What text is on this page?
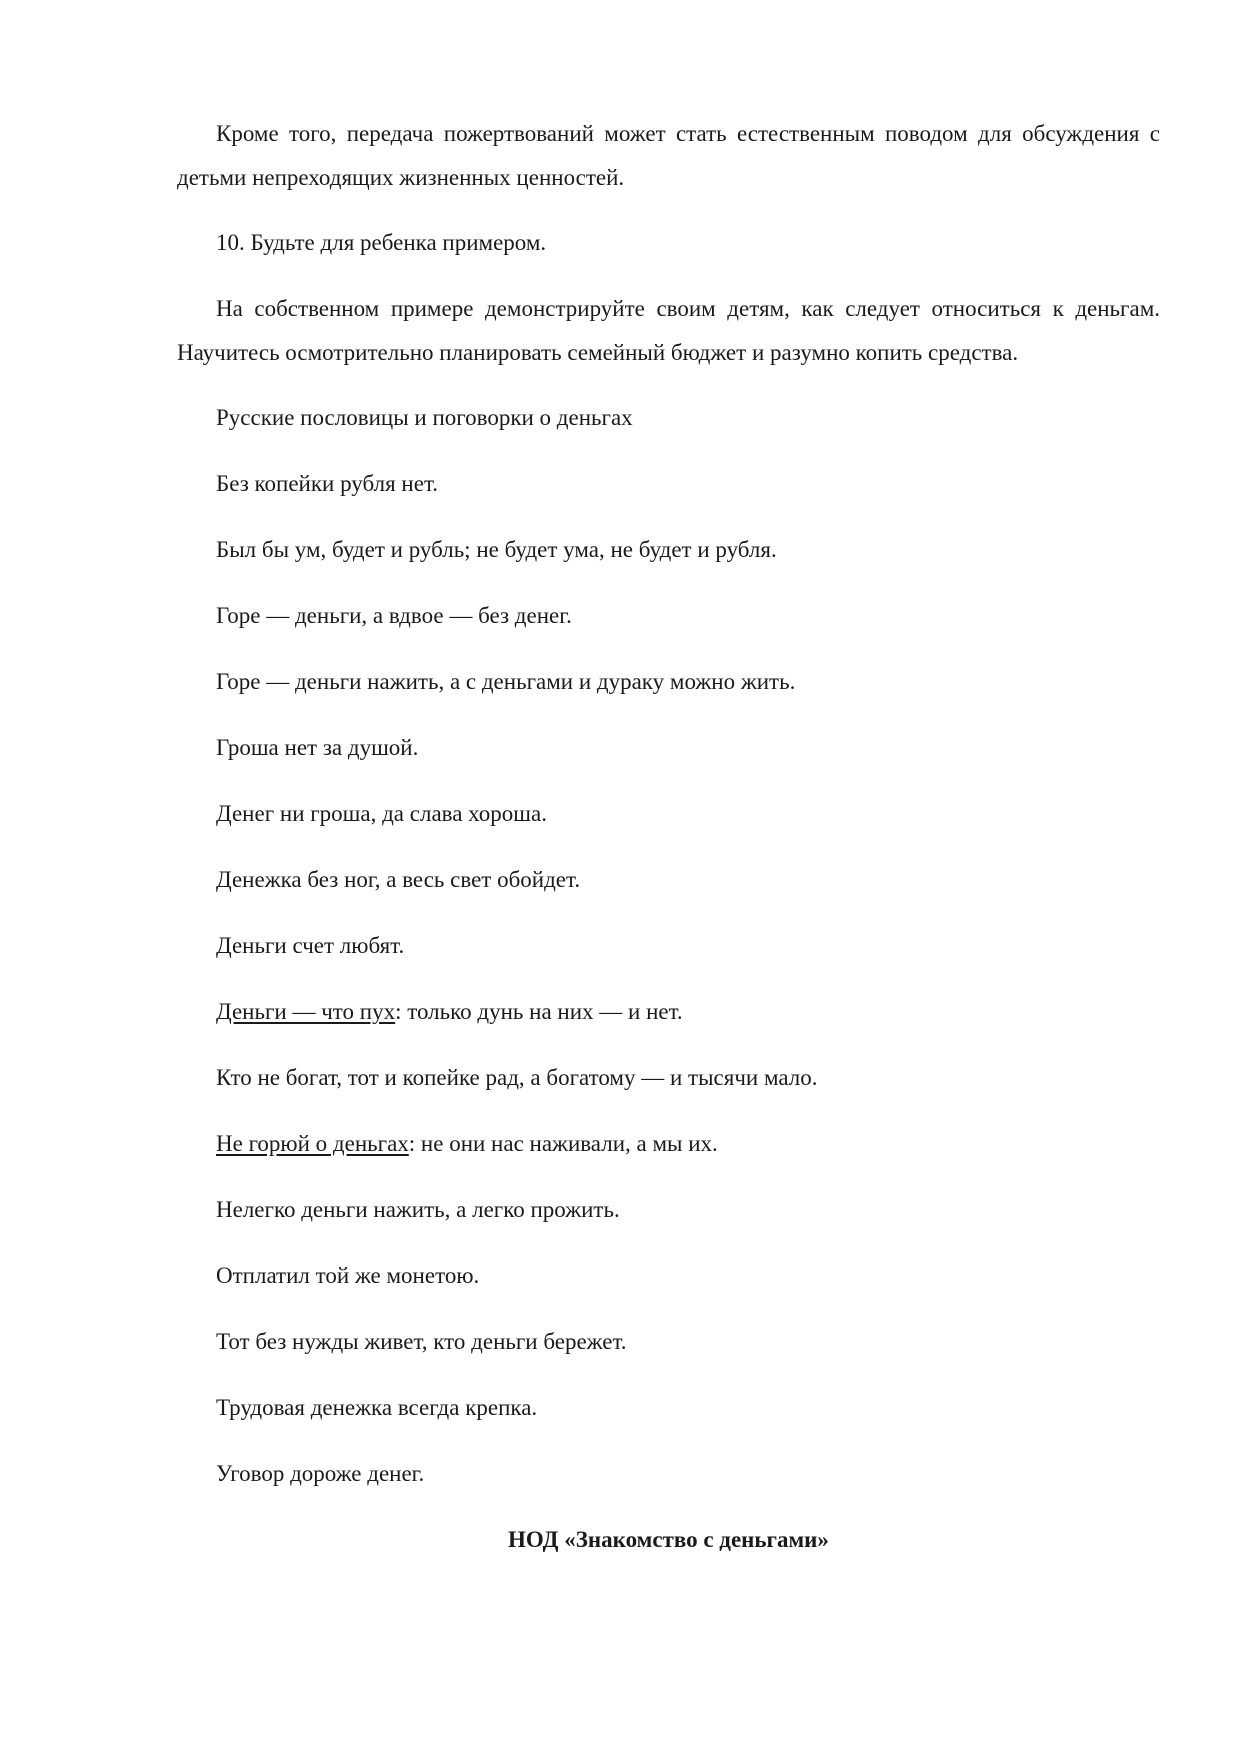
Кроме того, передача пожертвований может стать естественным поводом для обсуждения с детьми непреходящих жизненных ценностей.

10. Будьте для ребенка примером.

На собственном примере демонстрируйте своим детям, как следует относиться к деньгам. Научитесь осмотрительно планировать семейный бюджет и разумно копить средства.

Русские пословицы и поговорки о деньгах

Без копейки рубля нет.

Был бы ум, будет и рубль; не будет ума, не будет и рубля.

Горе — деньги, а вдвое — без денег.

Горе — деньги нажить, а с деньгами и дураку можно жить.

Гроша нет за душой.

Денег ни гроша, да слава хороша.

Денежка без ног, а весь свет обойдет.

Деньги счет любят.

Деньги — что пух: только дунь на них — и нет.

Кто не богат, тот и копейке рад, а богатому — и тысячи мало.

Не горюй о деньгах: не они нас наживали, а мы их.

Нелегко деньги нажить, а легко прожить.

Отплатил той же монетою.

Тот без нужды живет, кто деньги бережет.

Трудовая денежка всегда крепка.

Уговор дороже денег.

НОД «Знакомство с деньгами»
